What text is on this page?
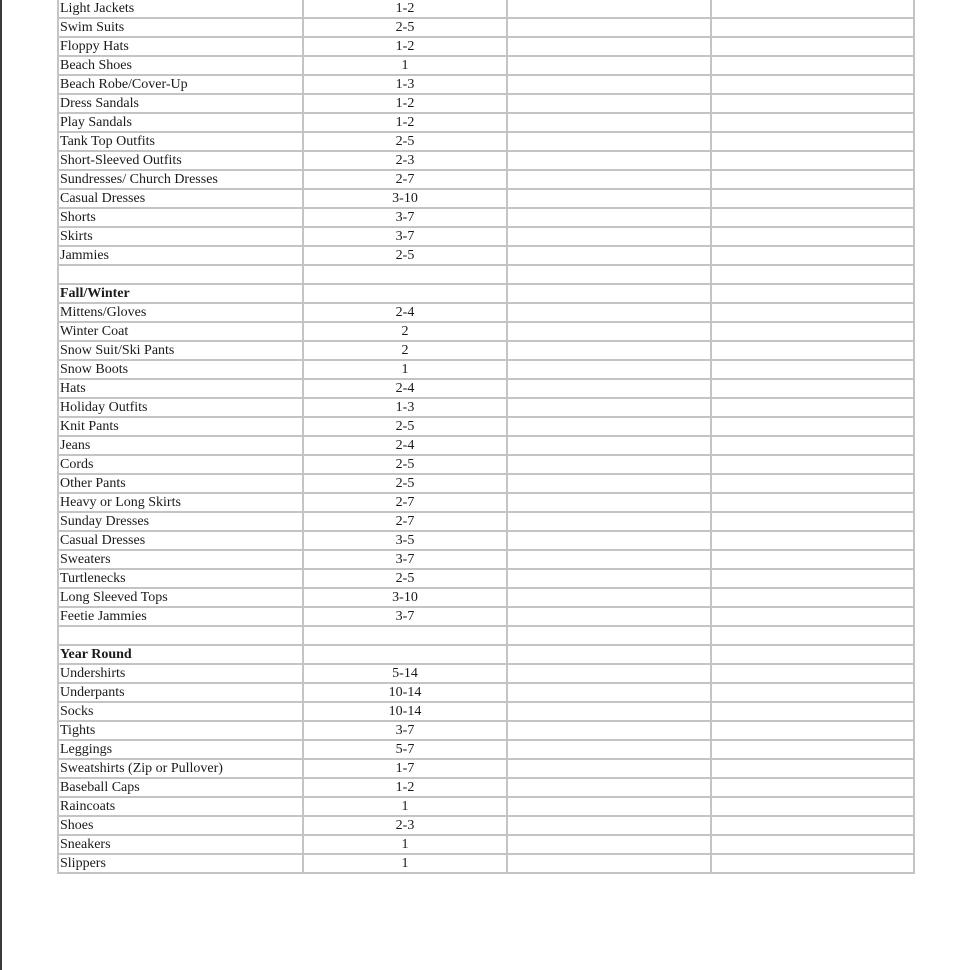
Light Jackets	1-2		
Swim Suits	2-5		
Floppy Hats	1-2		
Beach Shoes	1		
Beach Robe/Cover-Up	1-3		
Dress Sandals	1-2		
Play Sandals	1-2		
Tank Top Outfits	2-5		
Short-Sleeved Outfits	2-3		
Sundresses/ Church Dresses	2-7		
Casual Dresses	3-10		
Shorts	3-7		
Skirts	3-7		
Jammies	2-5		

Fall/Winter			
Mittens/Gloves	2-4		
Winter Coat	2		
Snow Suit/Ski Pants	2		
Snow Boots	1		
Hats	2-4		
Holiday Outfits	1-3		
Knit Pants	2-5		
Jeans	2-4		
Cords	2-5		
Other Pants	2-5		
Heavy or Long Skirts	2-7		
Sunday Dresses	2-7		
Casual Dresses	3-5		
Sweaters	3-7		
Turtlenecks	2-5		
Long Sleeved Tops	3-10		
Feetie Jammies	3-7		

Year Round			
Undershirts	5-14		
Underpants	10-14		
Socks	10-14		
Tights	3-7		
Leggings	5-7		
Sweatshirts (Zip or Pullover)	1-7		
Baseball Caps	1-2		
Raincoats	1		
Shoes	2-3		
Sneakers	1		
Slippers	1		
